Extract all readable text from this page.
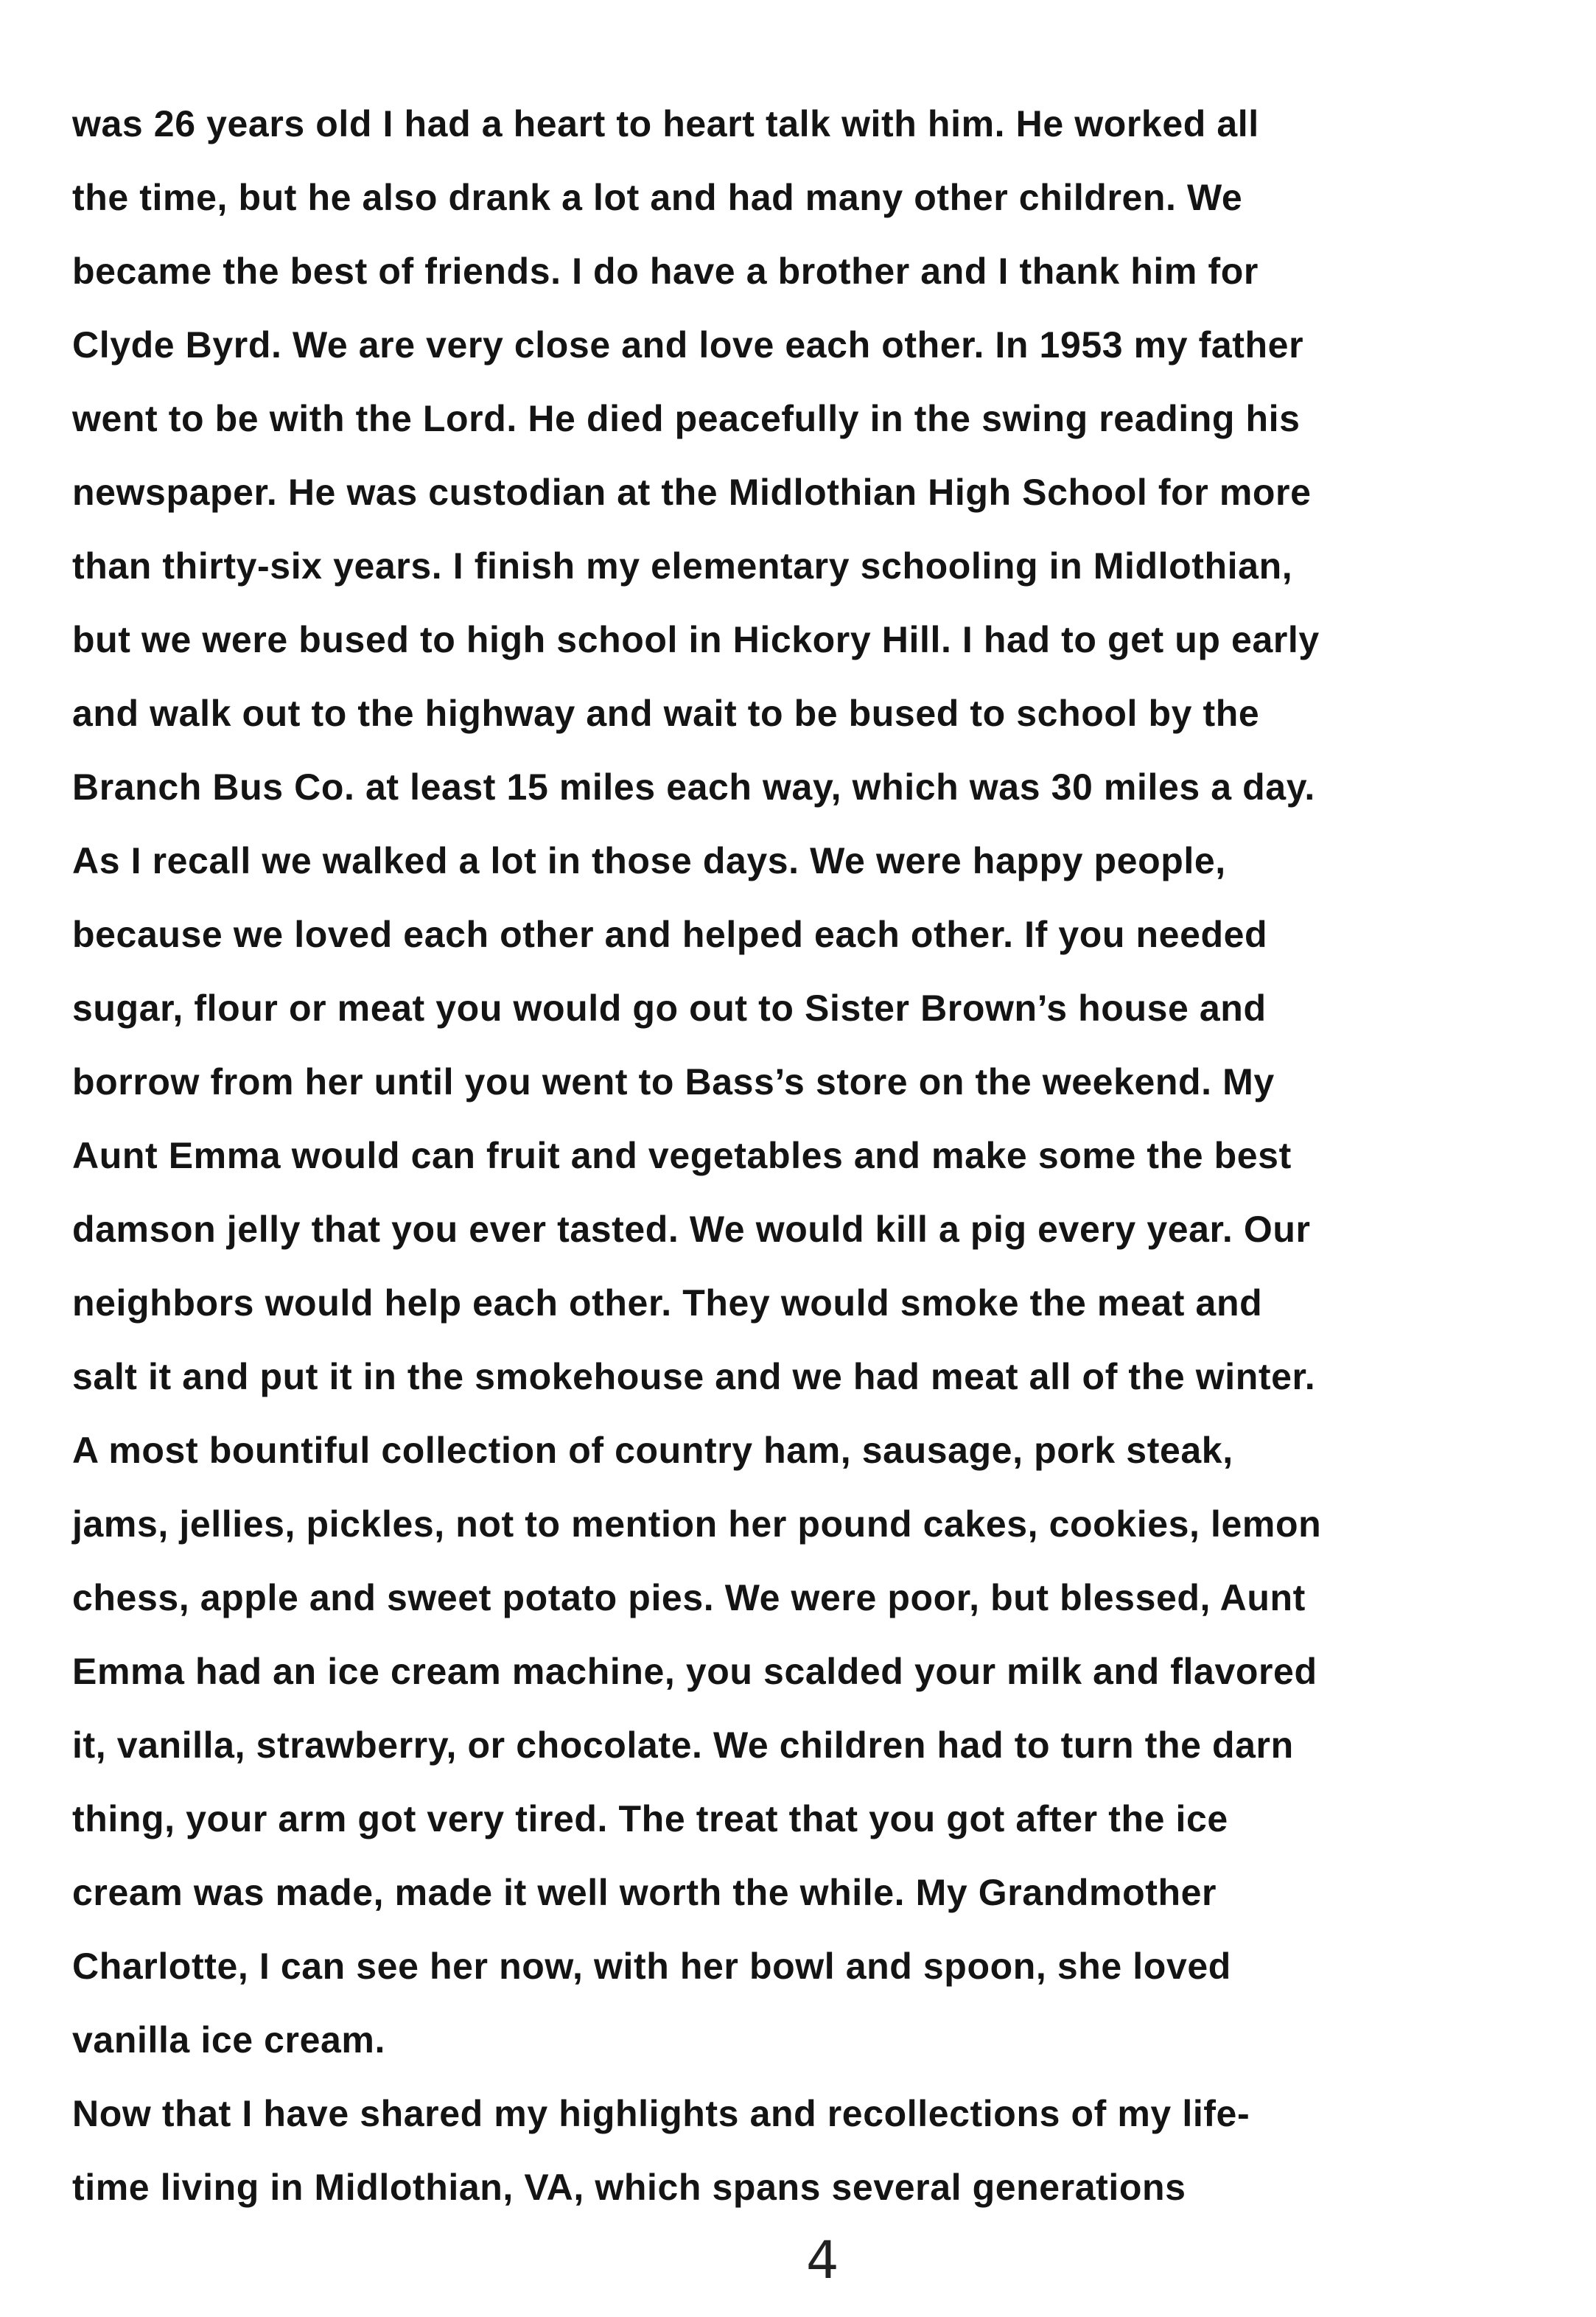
was 26 years old I had a heart to heart talk with him. He worked all
the time, but he also drank a lot and had many other children. We
became the best of friends. I do have a brother and I thank him for
Clyde Byrd. We are very close and love each other. In 1953 my father
went to be with the Lord. He died peacefully in the swing reading his
newspaper. He was custodian at the Midlothian High School for more
than thirty-six years. I finish my elementary schooling in Midlothian,
but we were bused to high school in Hickory Hill. I had to get up early
and walk out to the highway and wait to be bused to school by the
Branch Bus Co. at least 15 miles each way, which was 30 miles a day.
As I recall we walked a lot in those days. We were happy people,
because we loved each other and helped each other. If you needed
sugar, flour or meat you would go out to Sister Brown’s house and
borrow from her until you went to Bass’s store on the weekend. My
Aunt Emma would can fruit and vegetables and make some the best
damson jelly that you ever tasted. We would kill a pig every year. Our
neighbors would help each other. They would smoke the meat and
salt it and put it in the smokehouse and we had meat all of the winter.
A most bountiful collection of country ham, sausage, pork steak,
jams, jellies, pickles, not to mention her pound cakes, cookies, lemon
chess, apple and sweet potato pies. We were poor, but blessed, Aunt
Emma had an ice cream machine, you scalded your milk and flavored
it, vanilla, strawberry, or chocolate. We children had to turn the darn
thing, your arm got very tired. The treat that you got after the ice
cream was made, made it well worth the while. My Grandmother
Charlotte, I can see her now, with her bowl and spoon, she loved
vanilla ice cream.
Now that I have shared my highlights and recollections of my life-
time living in Midlothian, VA, which spans several generations
4
